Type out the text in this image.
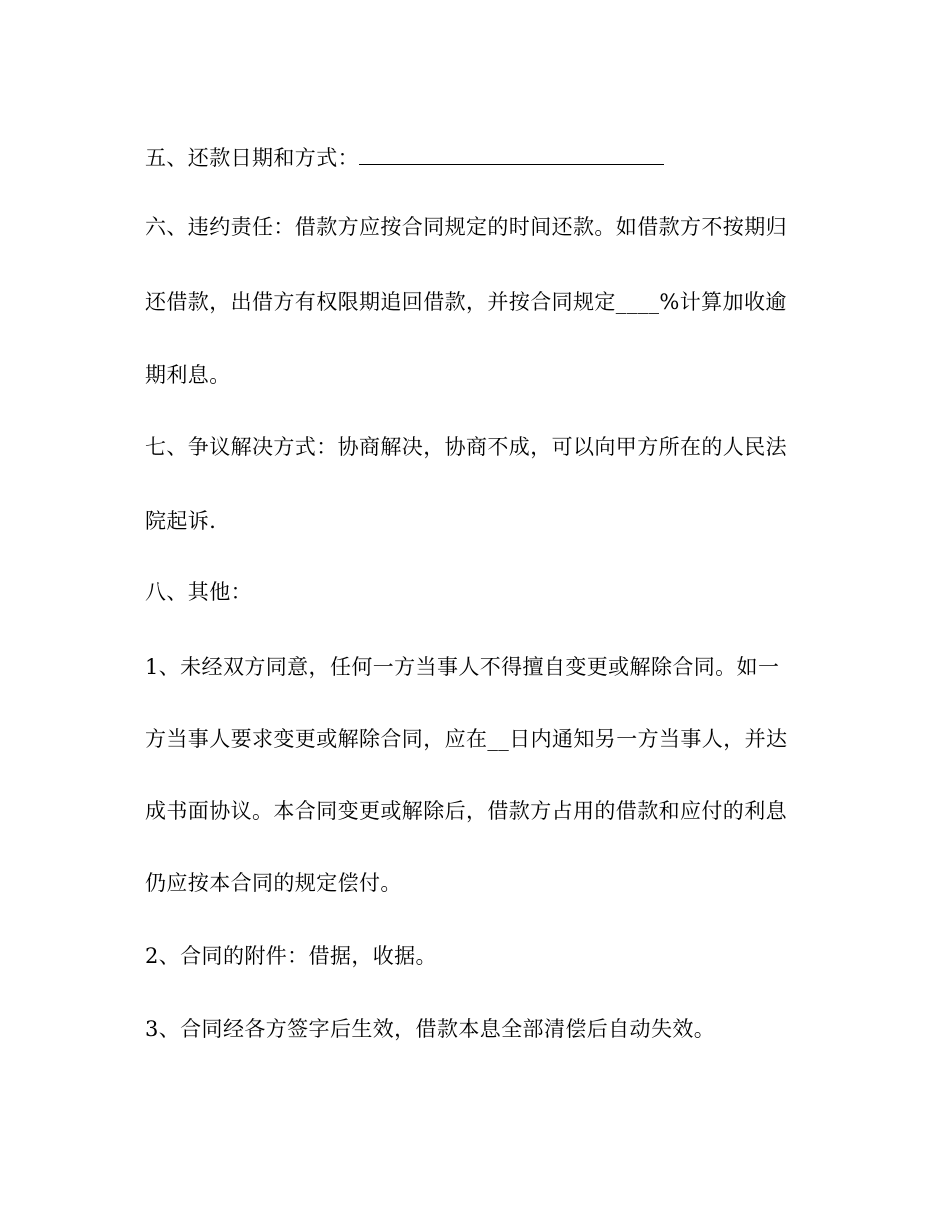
五、还款日期和方式：
六、违约责任：借款方应按合同规定的时间还款。如借款方不按期归
还借款，出借方有权限期追回借款，并按合同规定____%计算加收逾
期利息。
七、争议解决方式：协商解决，协商不成，可以向甲方所在的人民法
院起诉．
八、其他：
1、未经双方同意，任何一方当事人不得擅自变更或解除合同。如一
方当事人要求变更或解除合同，应在__日内通知另一方当事人，并达
成书面协议。本合同变更或解除后，借款方占用的借款和应付的利息
仍应按本合同的规定偿付。
2、合同的附件：借据，收据。
3、合同经各方签字后生效，借款本息全部清偿后自动失效。
